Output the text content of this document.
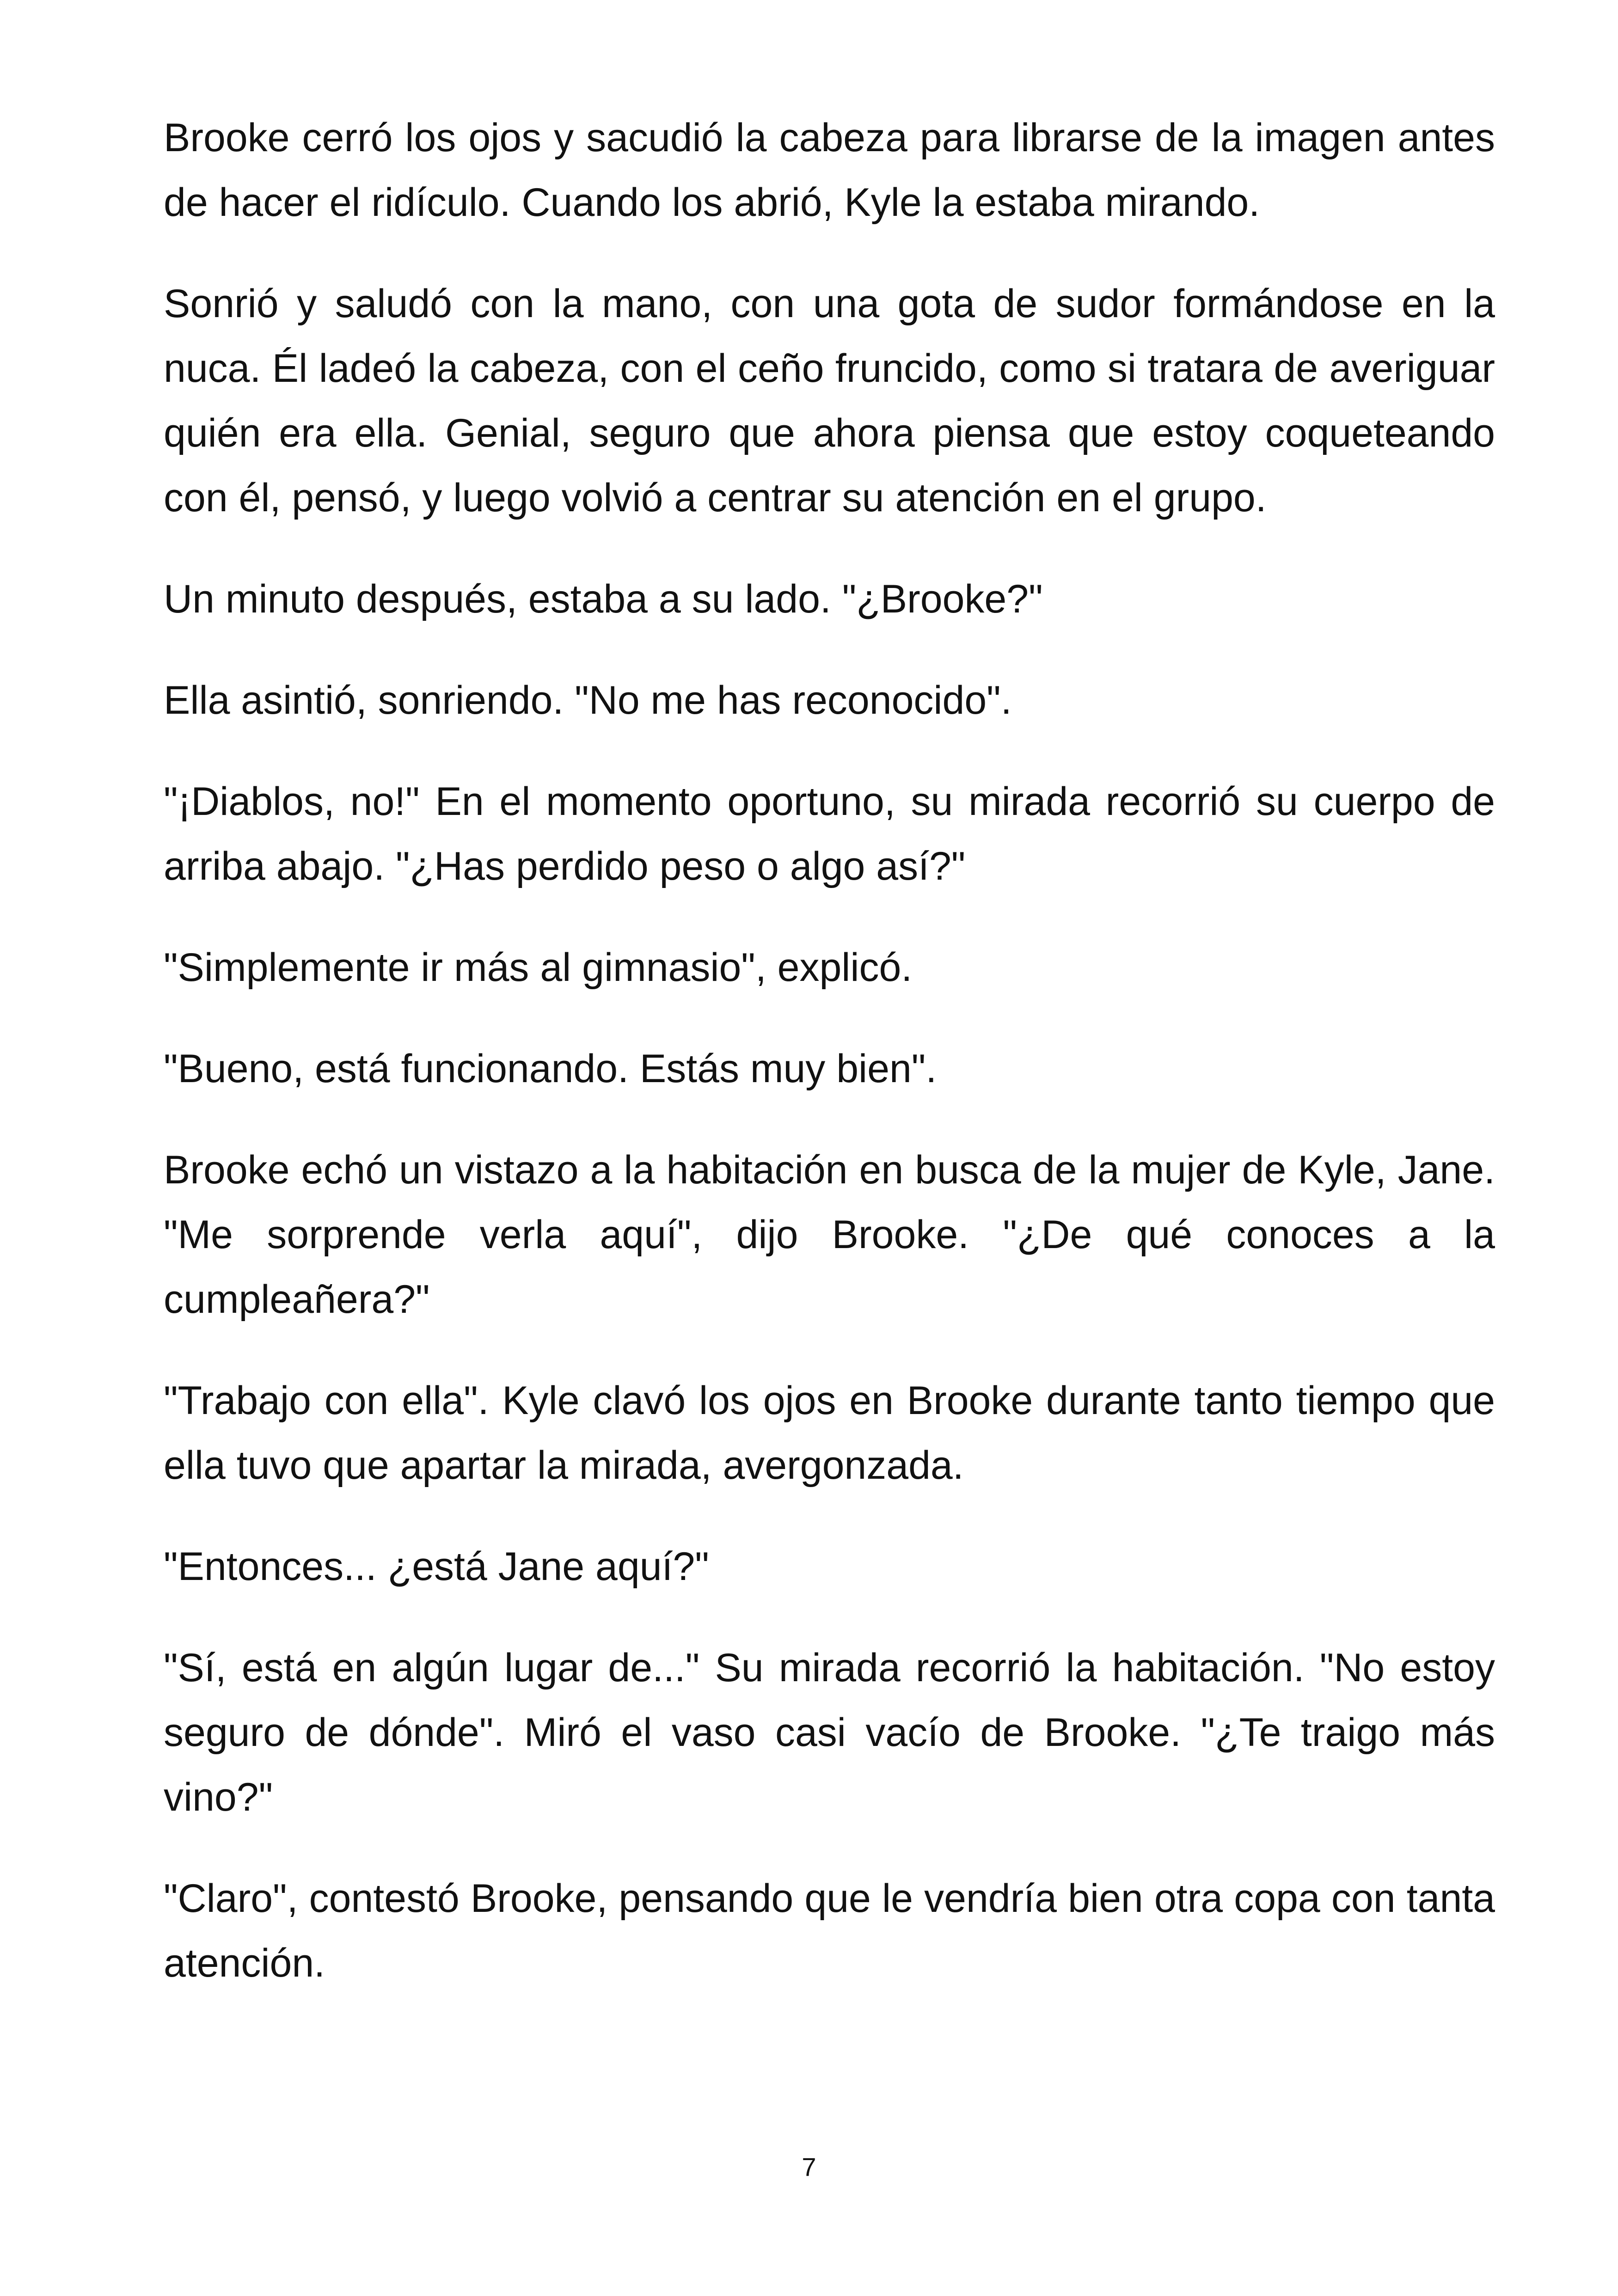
Brooke cerró los ojos y sacudió la cabeza para librarse de la imagen antes de hacer el ridículo. Cuando los abrió, Kyle la estaba mirando.

Sonrió y saludó con la mano, con una gota de sudor formándose en la nuca. Él ladeó la cabeza, con el ceño fruncido, como si tratara de averiguar quién era ella. Genial, seguro que ahora piensa que estoy coqueteando con él, pensó, y luego volvió a centrar su atención en el grupo.

Un minuto después, estaba a su lado. "¿Brooke?"

Ella asintió, sonriendo. "No me has reconocido".

"¡Diablos, no!" En el momento oportuno, su mirada recorrió su cuerpo de arriba abajo. "¿Has perdido peso o algo así?"

"Simplemente ir más al gimnasio", explicó.

"Bueno, está funcionando. Estás muy bien".

Brooke echó un vistazo a la habitación en busca de la mujer de Kyle, Jane. "Me sorprende verla aquí", dijo Brooke. "¿De qué conoces a la cumpleañera?"

"Trabajo con ella". Kyle clavó los ojos en Brooke durante tanto tiempo que ella tuvo que apartar la mirada, avergonzada.

"Entonces... ¿está Jane aquí?"

"Sí, está en algún lugar de..." Su mirada recorrió la habitación. "No estoy seguro de dónde". Miró el vaso casi vacío de Brooke. "¿Te traigo más vino?"

"Claro", contestó Brooke, pensando que le vendría bien otra copa con tanta atención.

7
